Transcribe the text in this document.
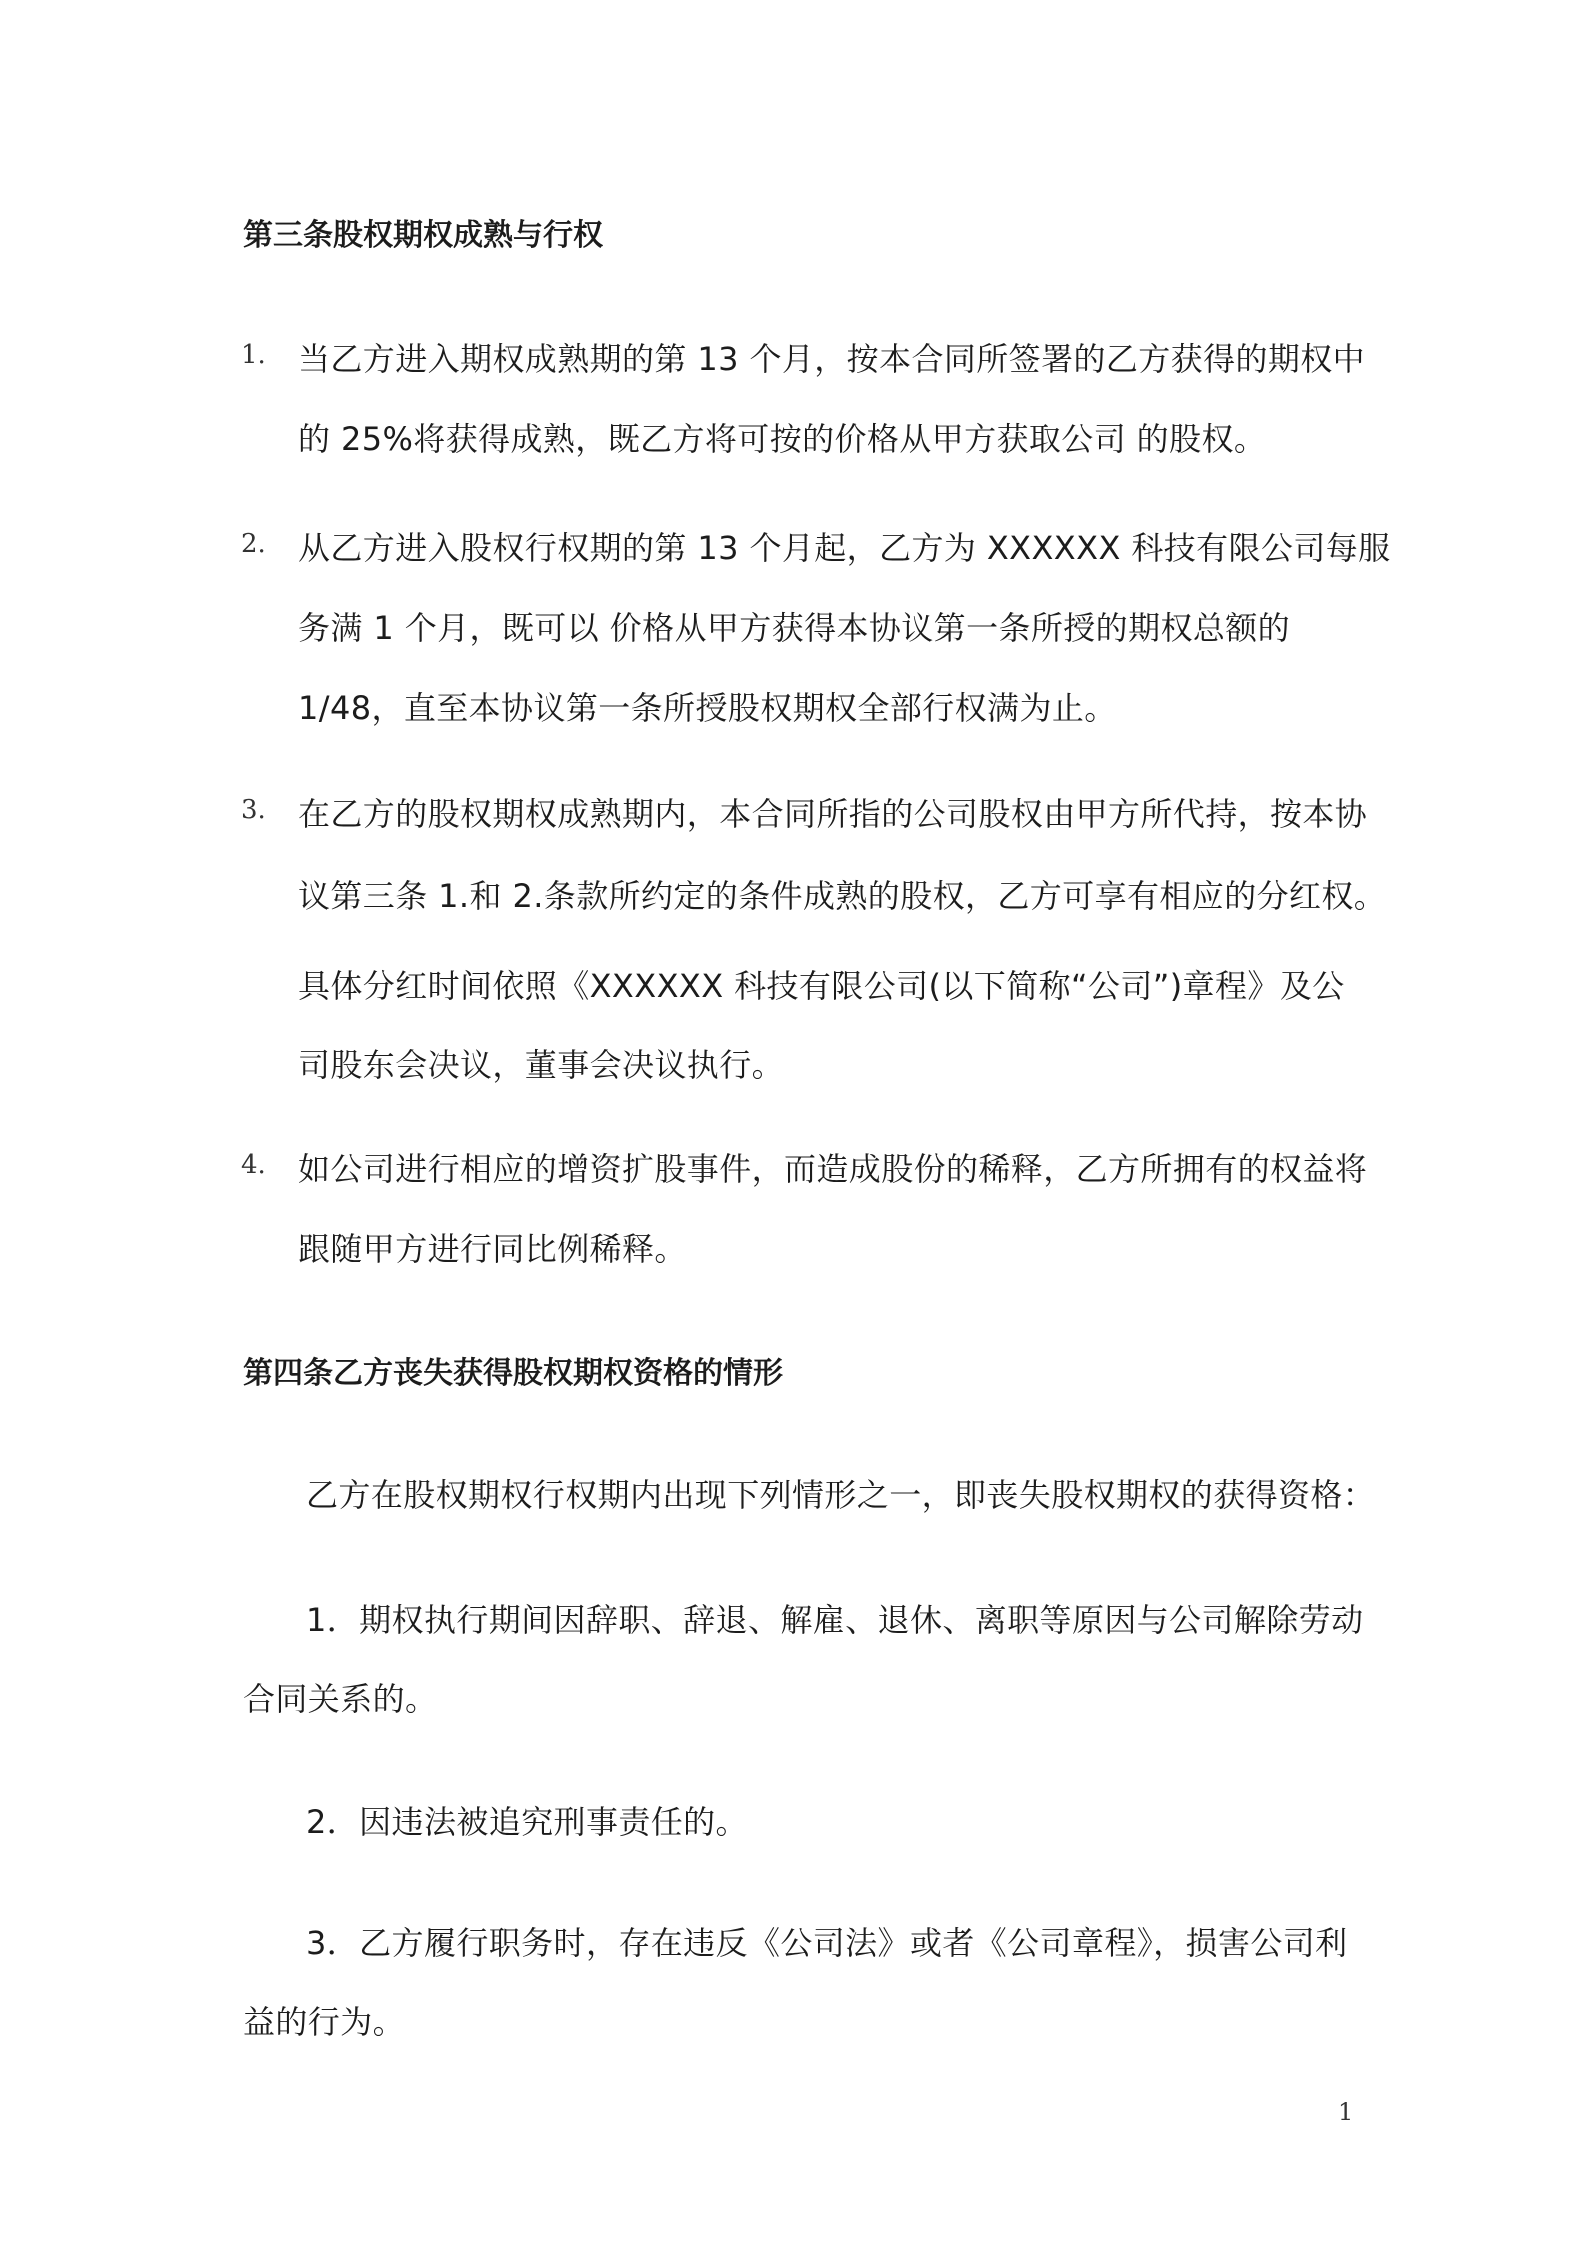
第三条股权期权成熟与行权
1. 当乙方进入期权成熟期的第 13 个月，按本合同所签署的乙方获得的期权中
的 25%将获得成熟，既乙方将可按的价格从甲方获取公司 的股权。
2. 从乙方进入股权行权期的第 13 个月起，乙方为 XXXXXX 科技有限公司每服
务满 1 个月，既可以 价格从甲方获得本协议第一条所授的期权总额的
1/48，直至本协议第一条所授股权期权全部行权满为止。
3. 在乙方的股权期权成熟期内，本合同所指的公司股权由甲方所代持，按本协
议第三条 1.和 2.条款所约定的条件成熟的股权，乙方可享有相应的分红权。
具体分红时间依照《XXXXXX 科技有限公司(以下简称“公司”)章程》及公
司股东会决议，董事会决议执行。
4. 如公司进行相应的增资扩股事件，而造成股份的稀释，乙方所拥有的权益将
跟随甲方进行同比例稀释。
第四条乙方丧失获得股权期权资格的情形
乙方在股权期权行权期内出现下列情形之一，即丧失股权期权的获得资格：
1．期权执行期间因辞职、辞退、解雇、退休、离职等原因与公司解除劳动
合同关系的。
2．因违法被追究刑事责任的。
3．乙方履行职务时，存在违反《公司法》或者《公司章程》，损害公司利
益的行为。
1
